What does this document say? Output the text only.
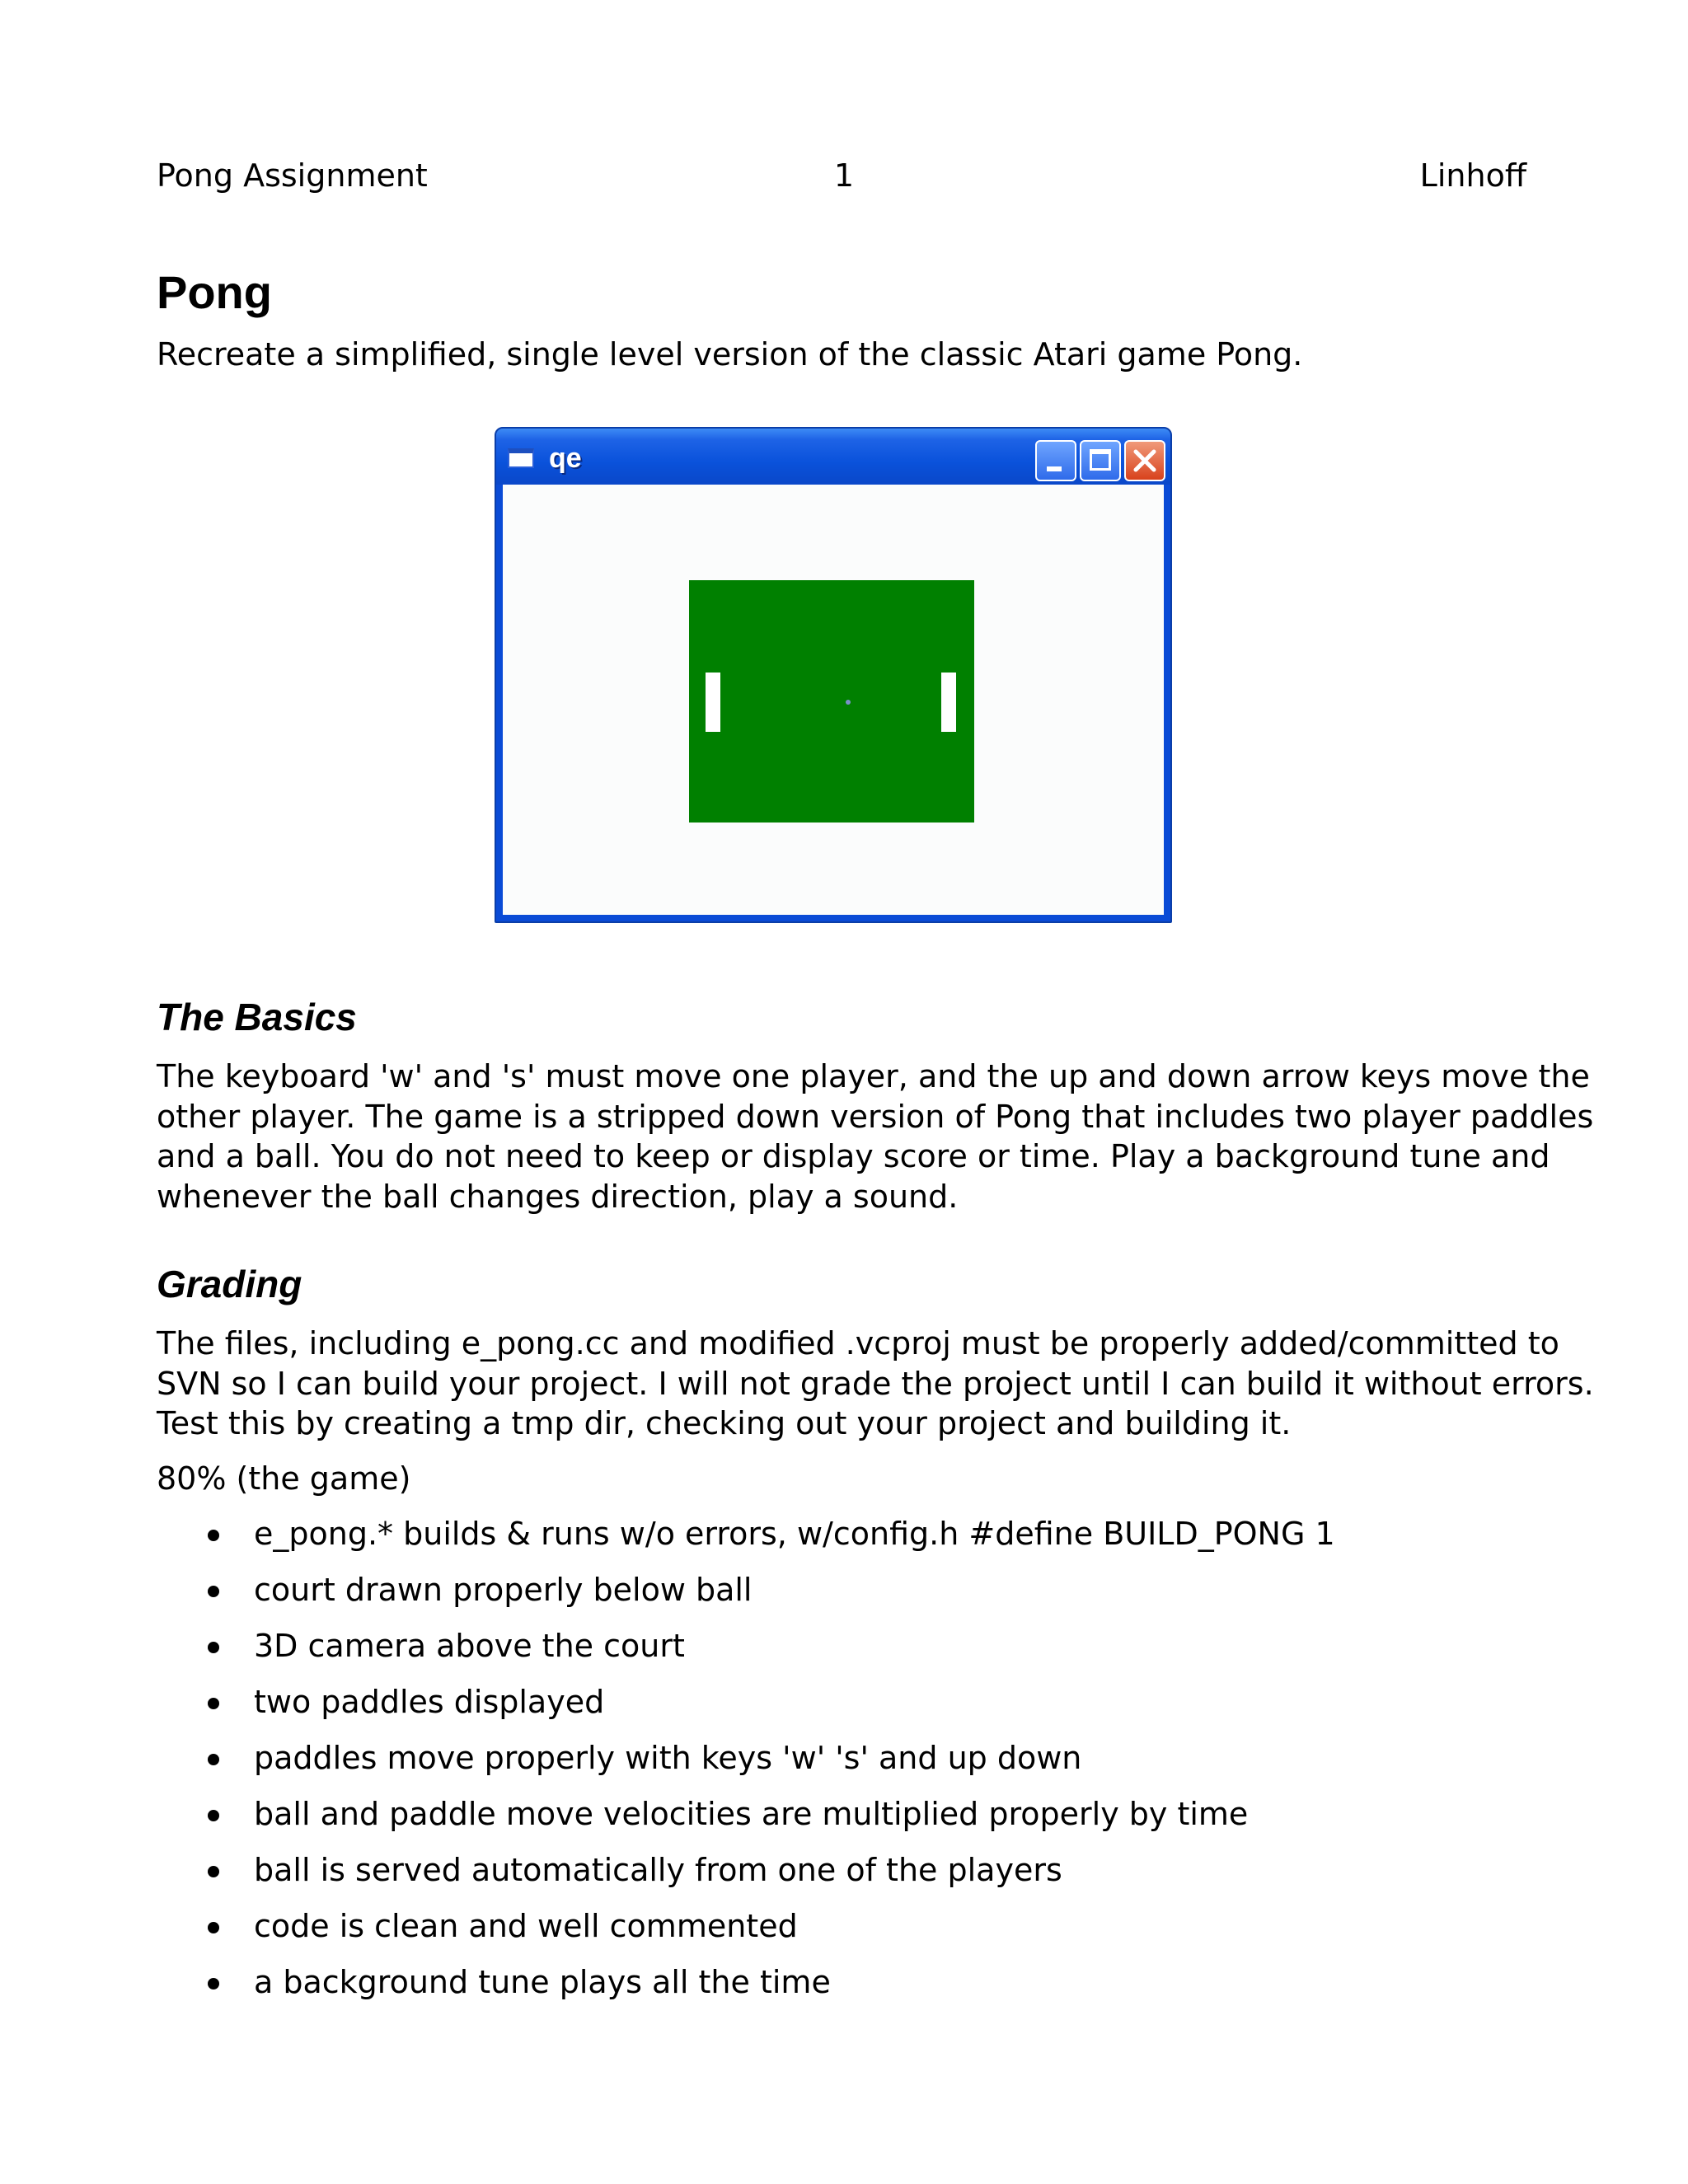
Pong Assignment	1	Linhoff
Pong
Recreate a simplified, single level version of the classic Atari game Pong.
qe
The Basics
The keyboard 'w' and 's' must move one player, and the up and down arrow keys move the
other player. The game is a stripped down version of Pong that includes two player paddles
and a ball. You do not need to keep or display score or time. Play a background tune and
whenever the ball changes direction, play a sound.
Grading
The files, including e_pong.cc and modified .vcproj must be properly added/committed to
SVN so I can build your project. I will not grade the project until I can build it without errors.
Test this by creating a tmp dir, checking out your project and building it.
80% (the game)
e_pong.* builds & runs w/o errors, w/config.h #define BUILD_PONG 1
court drawn properly below ball
3D camera above the court
two paddles displayed
paddles move properly with keys 'w' 's' and up down
ball and paddle move velocities are multiplied properly by time
ball is served automatically from one of the players
code is clean and well commented
a background tune plays all the time
